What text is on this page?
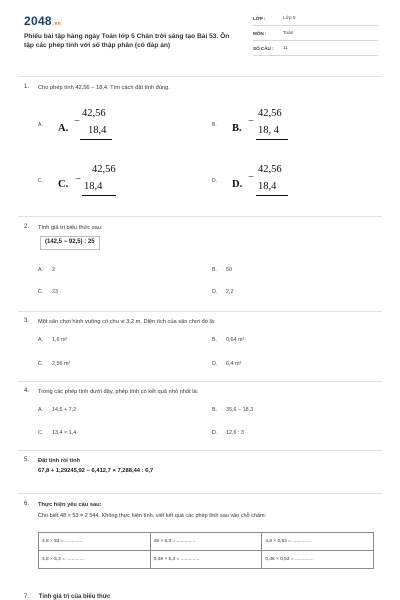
2048.vn
Phiếu bài tập hàng ngày Toán lớp 5 Chân trời sáng tạo Bài 53. Ôn tập các phép tính với số thập phân (có đáp án)
LỚP :	Lớp 5
MÔN :	Toán
SỐ CÂU : 11
1. Cho phép tính 42,56 − 18,4. Tìm cách đặt tính đúng.
A. A.
−
42,56
18,4	B. B.
−
42,56
18, 4
C. C. −
42,56
18,4	D. D.
−
42,56
18,4
2. Tính giá trị biểu thức sau:
(142,5 − 92,5) : 25
A. 2	B. 50
C. 23	D. 2,2
3. Một sân chơi hình vuông có chu vi 3,2 m. Diện tích của sân chơi đó là:
A. 1,6 m²	B. 0,64 m²
C. 2,56 m²	D. 6,4 m²
4. Trong các phép tính dưới đây, phép tính có kết quả nhỏ nhất là:
A. 14,5 + 7,2	B. 35,6 − 18,3
C. 13,4 × 1,4	D. 12,6 : 3
5. Đặt tính rồi tính
67,8 + 1,29245,92 − 6,412,7 × 7,288,44 : 6,7
6. Thực hiện yêu cầu sau:
Cho biết 48 × 53 = 2 544. Không thực hiện tính, viết kết quả các phép tính sau vào chỗ chấm:
4,8 × 53 = ..............	48 × 5,3 = ..............	4,8 × 0,53 = ..............
4,8 × 5,3 = ..............	0,48 × 5,3 = ..............	0,48 × 0,53 = ..............
7. Tính giá trị của biểu thức
